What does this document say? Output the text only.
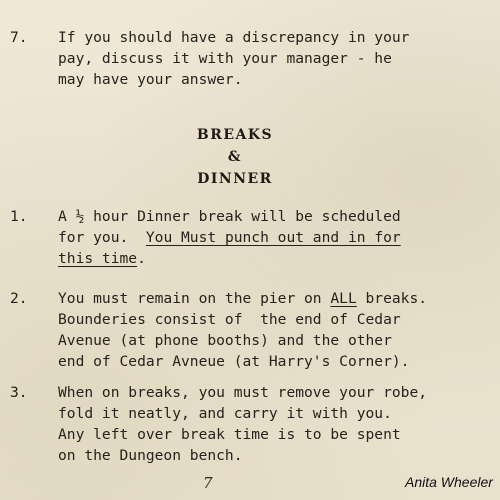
7.	If you should have a discrepancy in your
pay, discuss it with your manager - he
may have your answer.
BREAKS
&
DINNER
1.	A ½ hour Dinner break will be scheduled
for you.  You Must punch out and in for
this time.
2.	You must remain on the pier on ALL breaks.
Bounderies consist of  the end of Cedar
Avenue (at phone booths) and the other
end of Cedar Avneue (at Harry's Corner).
3.	When on breaks, you must remove your robe,
fold it neatly, and carry it with you.
Any left over break time is to be spent
on the Dungeon bench.
7	Anita Wheeler
